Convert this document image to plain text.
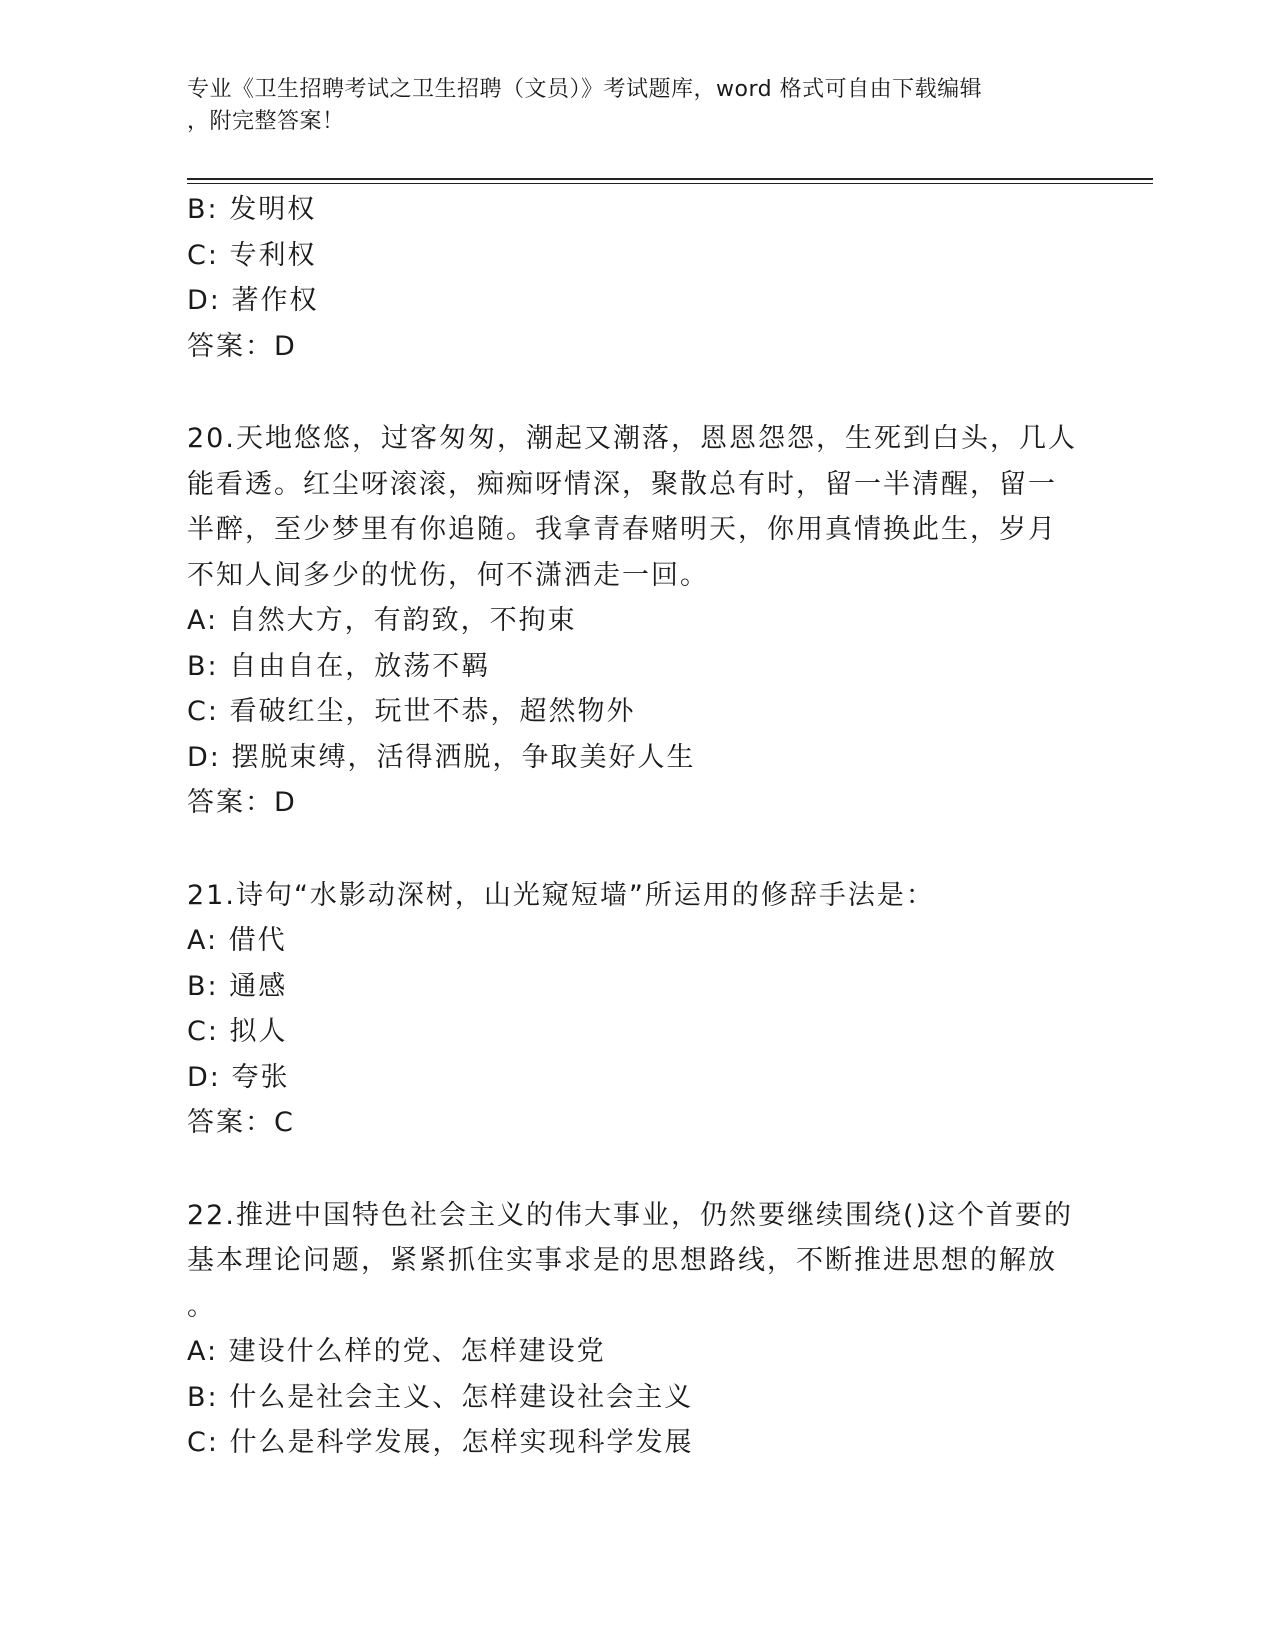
专业《卫生招聘考试之卫生招聘（文员）》考试题库，word 格式可自由下载编辑
，附完整答案！
B: 发明权
C: 专利权
D: 著作权
答案：D
20.天地悠悠，过客匆匆，潮起又潮落，恩恩怨怨，生死到白头，几人
能看透。红尘呀滚滚，痴痴呀情深，聚散总有时，留一半清醒，留一
半醉，至少梦里有你追随。我拿青春赌明天，你用真情换此生，岁月
不知人间多少的忧伤，何不潇洒走一回。
A: 自然大方，有韵致，不拘束
B: 自由自在，放荡不羁
C: 看破红尘，玩世不恭，超然物外
D: 摆脱束缚，活得洒脱，争取美好人生
答案：D
21.诗句“水影动深树，山光窥短墙”所运用的修辞手法是：
A: 借代
B: 通感
C: 拟人
D: 夸张
答案：C
22.推进中国特色社会主义的伟大事业，仍然要继续围绕()这个首要的
基本理论问题，紧紧抓住实事求是的思想路线，不断推进思想的解放
。
A: 建设什么样的党、怎样建设党
B: 什么是社会主义、怎样建设社会主义
C: 什么是科学发展，怎样实现科学发展
